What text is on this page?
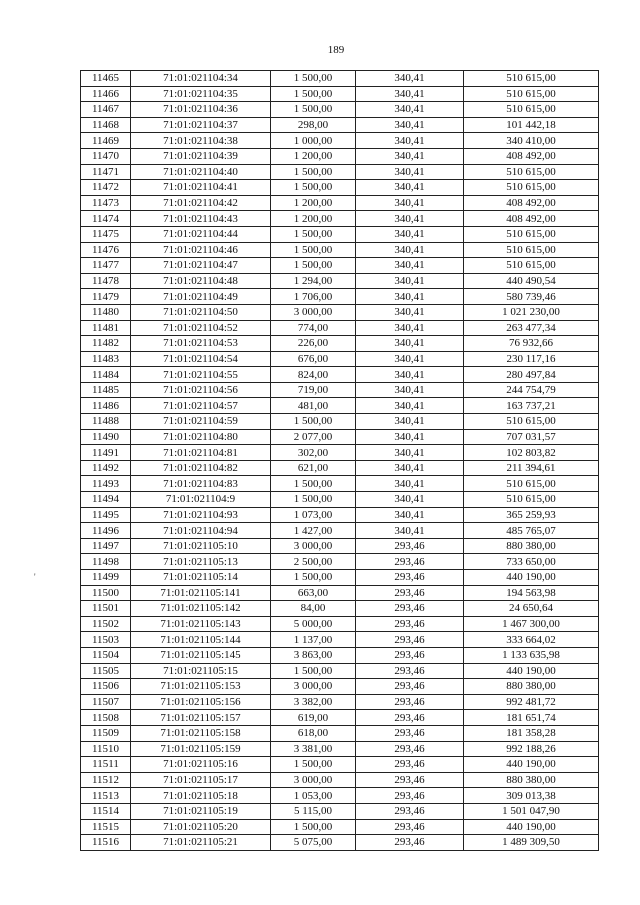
189
'
11465	71:01:021104:34	1 500,00	340,41	510 615,00
11466	71:01:021104:35	1 500,00	340,41	510 615,00
11467	71:01:021104:36	1 500,00	340,41	510 615,00
11468	71:01:021104:37	298,00	340,41	101 442,18
11469	71:01:021104:38	1 000,00	340,41	340 410,00
11470	71:01:021104:39	1 200,00	340,41	408 492,00
11471	71:01:021104:40	1 500,00	340,41	510 615,00
11472	71:01:021104:41	1 500,00	340,41	510 615,00
11473	71:01:021104:42	1 200,00	340,41	408 492,00
11474	71:01:021104:43	1 200,00	340,41	408 492,00
11475	71:01:021104:44	1 500,00	340,41	510 615,00
11476	71:01:021104:46	1 500,00	340,41	510 615,00
11477	71:01:021104:47	1 500,00	340,41	510 615,00
11478	71:01:021104:48	1 294,00	340,41	440 490,54
11479	71:01:021104:49	1 706,00	340,41	580 739,46
11480	71:01:021104:50	3 000,00	340,41	1 021 230,00
11481	71:01:021104:52	774,00	340,41	263 477,34
11482	71:01:021104:53	226,00	340,41	76 932,66
11483	71:01:021104:54	676,00	340,41	230 117,16
11484	71:01:021104:55	824,00	340,41	280 497,84
11485	71:01:021104:56	719,00	340,41	244 754,79
11486	71:01:021104:57	481,00	340,41	163 737,21
11488	71:01:021104:59	1 500,00	340,41	510 615,00
11490	71:01:021104:80	2 077,00	340,41	707 031,57
11491	71:01:021104:81	302,00	340,41	102 803,82
11492	71:01:021104:82	621,00	340,41	211 394,61
11493	71:01:021104:83	1 500,00	340,41	510 615,00
11494	71:01:021104:9	1 500,00	340,41	510 615,00
11495	71:01:021104:93	1 073,00	340,41	365 259,93
11496	71:01:021104:94	1 427,00	340,41	485 765,07
11497	71:01:021105:10	3 000,00	293,46	880 380,00
11498	71:01:021105:13	2 500,00	293,46	733 650,00
11499	71:01:021105:14	1 500,00	293,46	440 190,00
11500	71:01:021105:141	663,00	293,46	194 563,98
11501	71:01:021105:142	84,00	293,46	24 650,64
11502	71:01:021105:143	5 000,00	293,46	1 467 300,00
11503	71:01:021105:144	1 137,00	293,46	333 664,02
11504	71:01:021105:145	3 863,00	293,46	1 133 635,98
11505	71:01:021105:15	1 500,00	293,46	440 190,00
11506	71:01:021105:153	3 000,00	293,46	880 380,00
11507	71:01:021105:156	3 382,00	293,46	992 481,72
11508	71:01:021105:157	619,00	293,46	181 651,74
11509	71:01:021105:158	618,00	293,46	181 358,28
11510	71:01:021105:159	3 381,00	293,46	992 188,26
11511	71:01:021105:16	1 500,00	293,46	440 190,00
11512	71:01:021105:17	3 000,00	293,46	880 380,00
11513	71:01:021105:18	1 053,00	293,46	309 013,38
11514	71:01:021105:19	5 115,00	293,46	1 501 047,90
11515	71:01:021105:20	1 500,00	293,46	440 190,00
11516	71:01:021105:21	5 075,00	293,46	1 489 309,50
